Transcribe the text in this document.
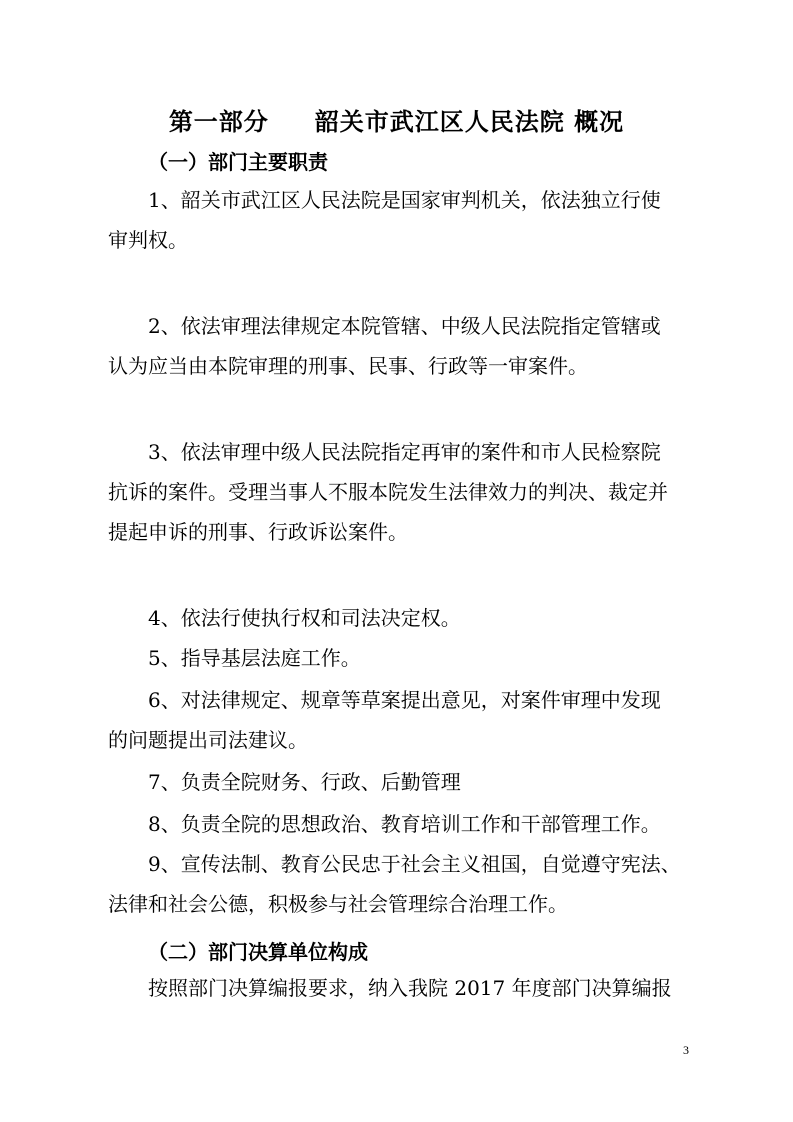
第一部分 韶关市武江区人民法院 概况
（一）部门主要职责
1、韶关市武江区人民法院是国家审判机关，依法独立行使
审判权。
2、依法审理法律规定本院管辖、中级人民法院指定管辖或
认为应当由本院审理的刑事、民事、行政等一审案件。
3、依法审理中级人民法院指定再审的案件和市人民检察院
抗诉的案件。受理当事人不服本院发生法律效力的判决、裁定并
提起申诉的刑事、行政诉讼案件。
4、依法行使执行权和司法决定权。
5、指导基层法庭工作。
6、对法律规定、规章等草案提出意见，对案件审理中发现
的问题提出司法建议。
7、负责全院财务、行政、后勤管理
8、负责全院的思想政治、教育培训工作和干部管理工作。
9、宣传法制、教育公民忠于社会主义祖国，自觉遵守宪法、
法律和社会公德，积极参与社会管理综合治理工作。
（二）部门决算单位构成
按照部门决算编报要求，纳入我院 2017 年度部门决算编报
3
